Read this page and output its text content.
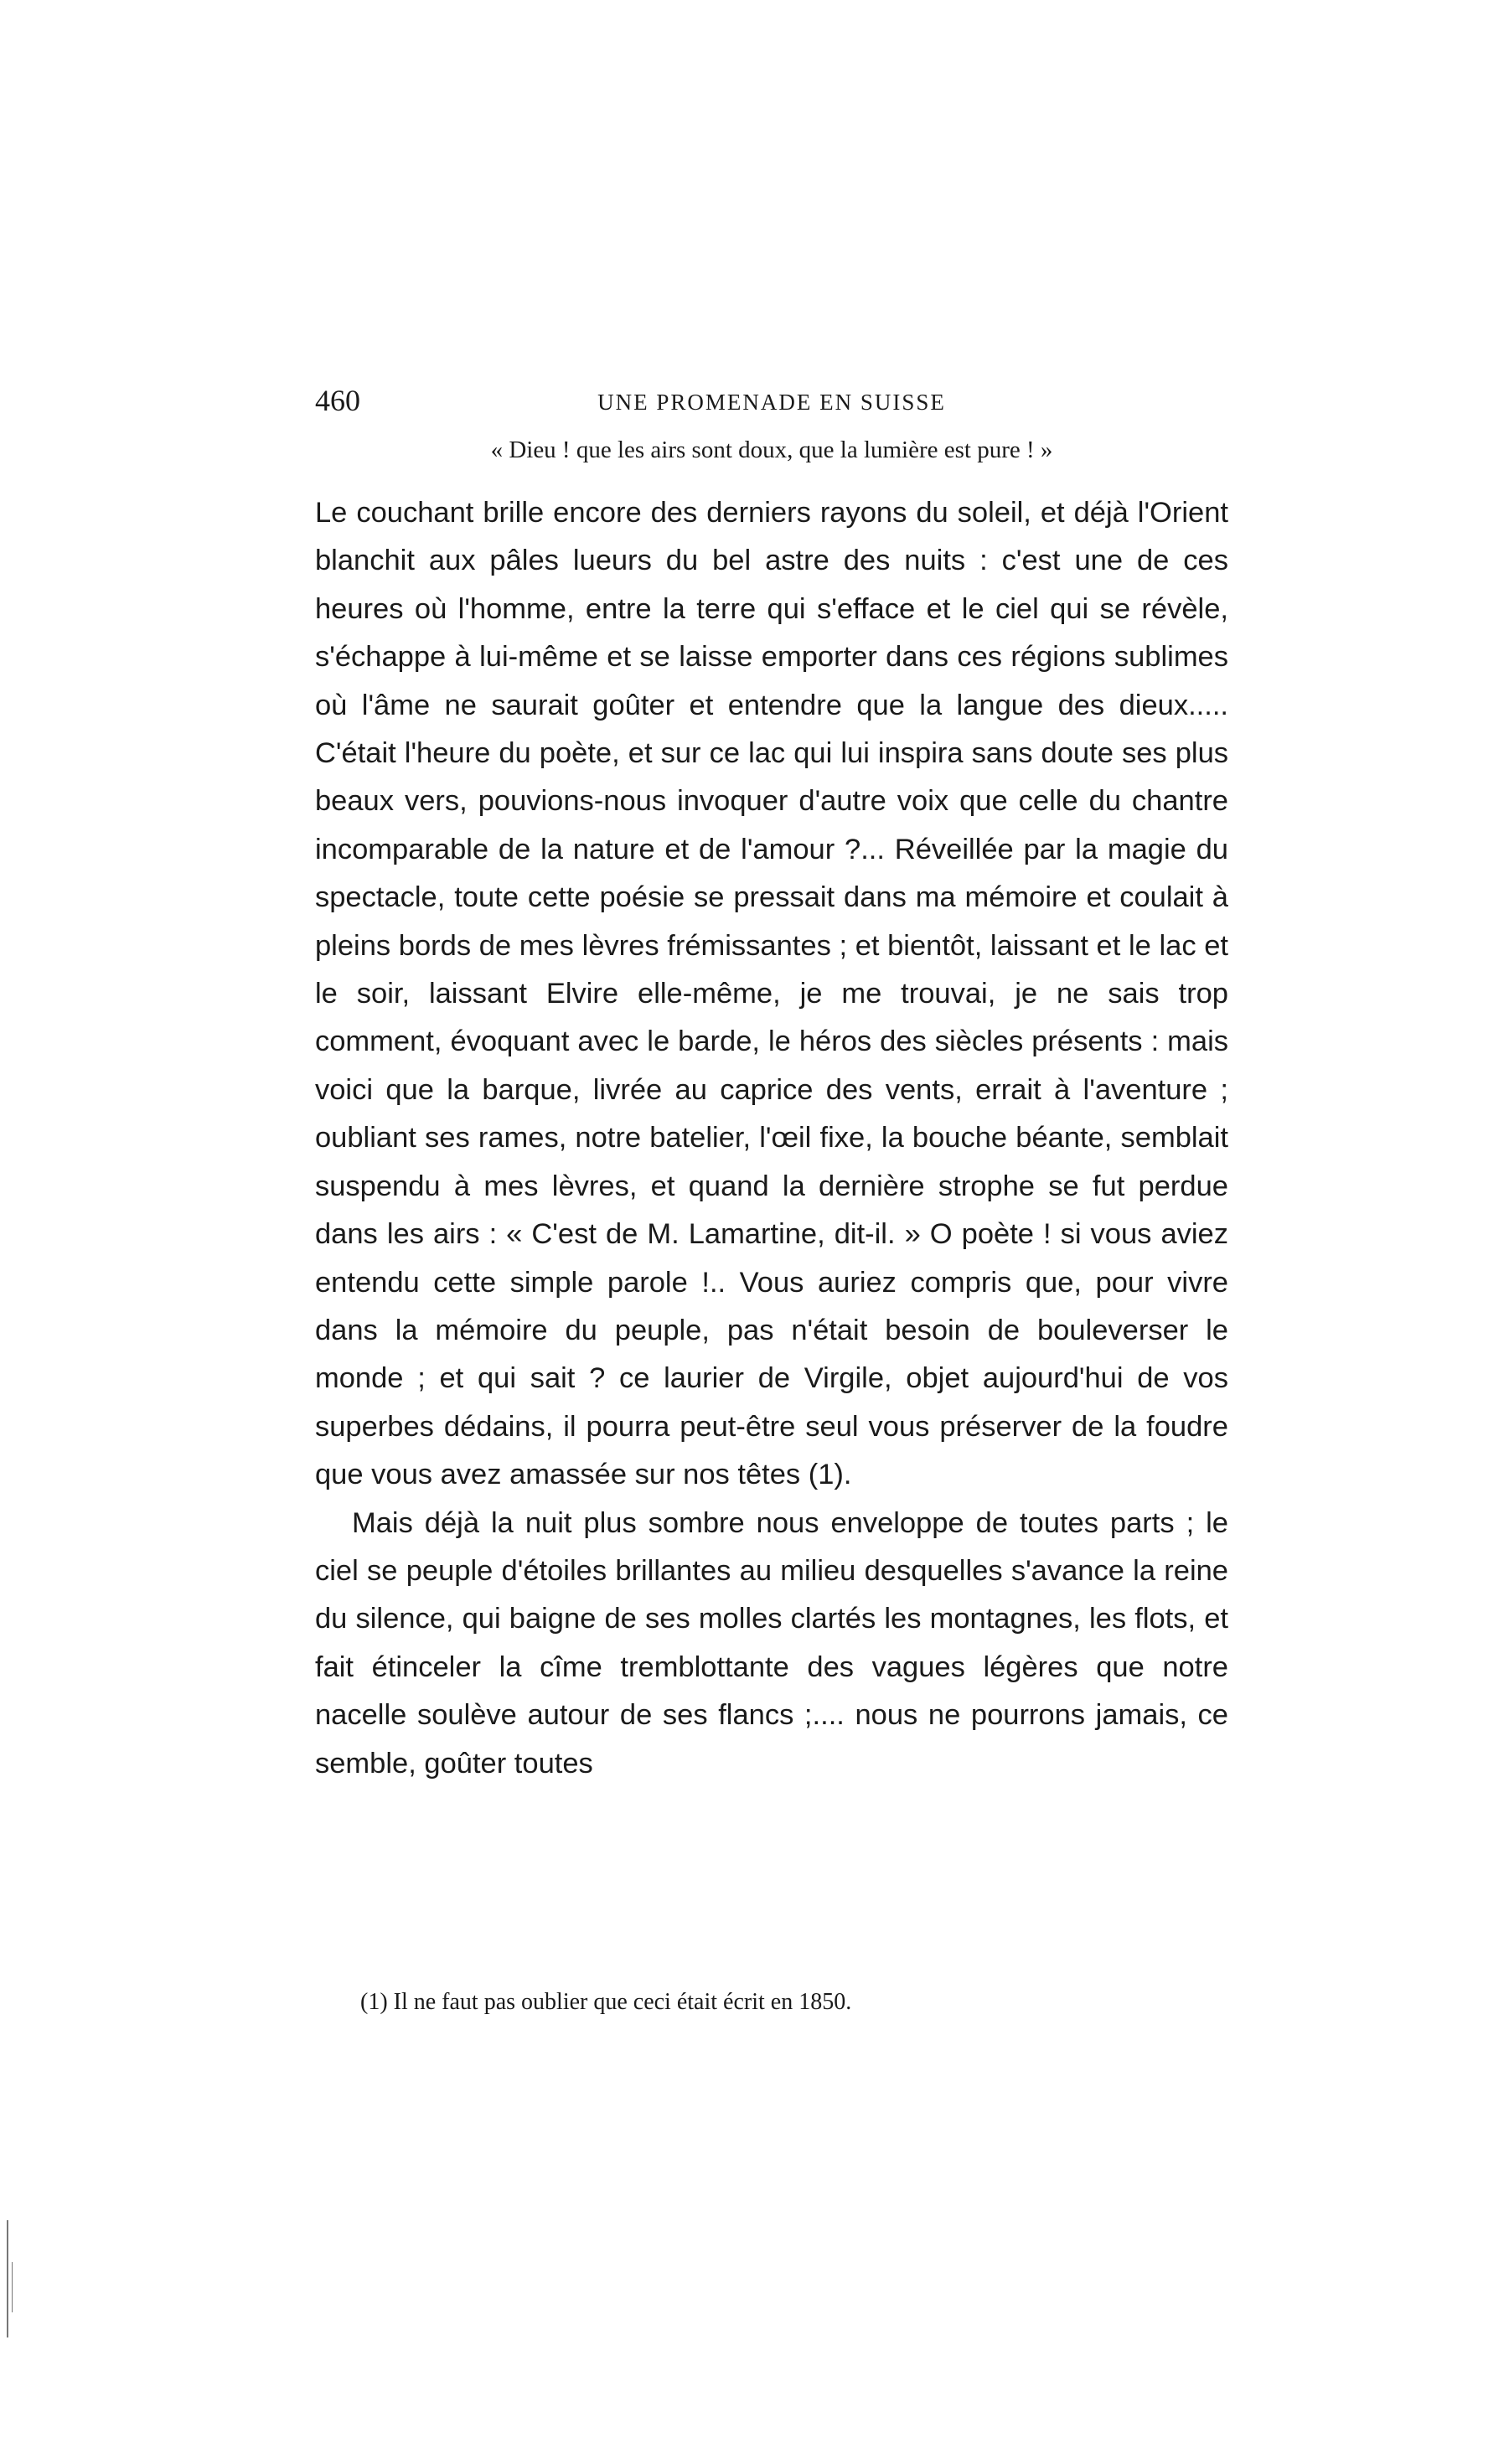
460	UNE PROMENADE EN SUISSE
« Dieu ! que les airs sont doux, que la lumière est pure ! »

Le couchant brille encore des derniers rayons du soleil, et déjà l'Orient blanchit aux pâles lueurs du bel astre des nuits : c'est une de ces heures où l'homme, entre la terre qui s'efface et le ciel qui se révèle, s'échappe à lui-même et se laisse emporter dans ces régions sublimes où l'âme ne saurait goûter et entendre que la langue des dieux..... C'était l'heure du poète, et sur ce lac qui lui inspira sans doute ses plus beaux vers, pouvions-nous invoquer d'autre voix que celle du chantre incomparable de la nature et de l'amour ?... Réveillée par la magie du spectacle, toute cette poésie se pressait dans ma mémoire et coulait à pleins bords de mes lèvres frémissantes ; et bientôt, laissant et le lac et le soir, laissant Elvire elle-même, je me trouvai, je ne sais trop comment, évoquant avec le barde, le héros des siècles présents : mais voici que la barque, livrée au caprice des vents, errait à l'aventure ; oubliant ses rames, notre batelier, l'œil fixe, la bouche béante, semblait suspendu à mes lèvres, et quand la dernière strophe se fut perdue dans les airs : « C'est de M. Lamartine, dit-il. » O poète ! si vous aviez entendu cette simple parole !.. Vous auriez compris que, pour vivre dans la mémoire du peuple, pas n'était besoin de bouleverser le monde ; et qui sait ? ce laurier de Virgile, objet aujourd'hui de vos superbes dédains, il pourra peut-être seul vous préserver de la foudre que vous avez amassée sur nos têtes (1).

Mais déjà la nuit plus sombre nous enveloppe de toutes parts ; le ciel se peuple d'étoiles brillantes au milieu desquelles s'avance la reine du silence, qui baigne de ses molles clartés les montagnes, les flots, et fait étinceler la cîme tremblottante des vagues légères que notre nacelle soulève autour de ses flancs ;.... nous ne pourrons jamais, ce semble, goûter toutes

(1) Il ne faut pas oublier que ceci était écrit en 1850.
